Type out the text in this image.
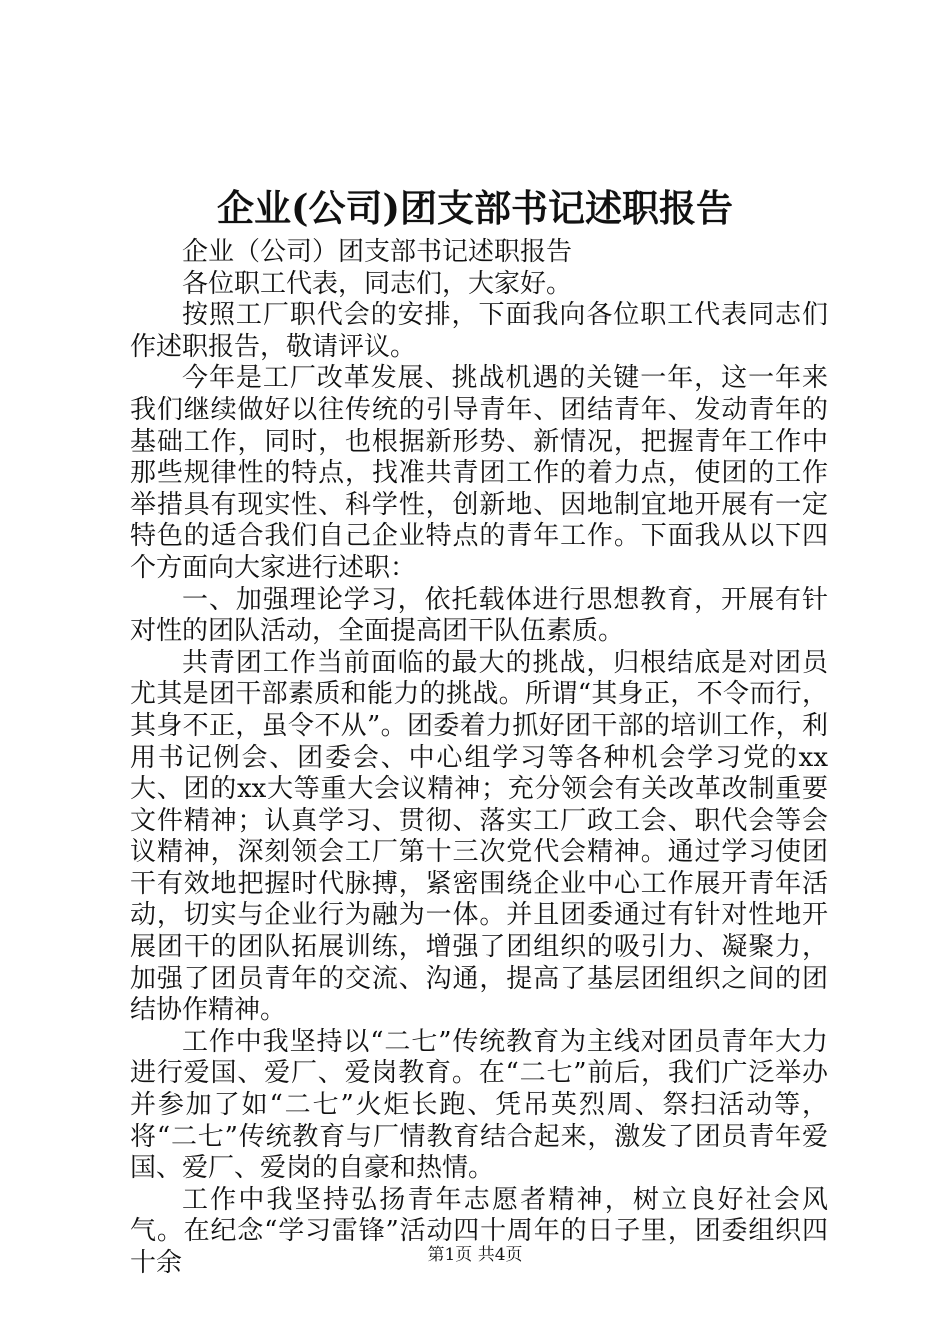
企业(公司)团支部书记述职报告

企业（公司）团支部书记述职报告

各位职工代表，同志们，大家好。

按照工厂职代会的安排，下面我向各位职工代表同志们作述职报告，敬请评议。

今年是工厂改革发展、挑战机遇的关键一年，这一年来我们继续做好以往传统的引导青年、团结青年、发动青年的基础工作，同时，也根据新形势、新情况，把握青年工作中那些规律性的特点，找准共青团工作的着力点，使团的工作举措具有现实性、科学性，创新地、因地制宜地开展有一定特色的适合我们自己企业特点的青年工作。下面我从以下四个方面向大家进行述职：

一、加强理论学习，依托载体进行思想教育，开展有针对性的团队活动，全面提高团干队伍素质。

共青团工作当前面临的最大的挑战，归根结底是对团员尤其是团干部素质和能力的挑战。所谓“其身正，不令而行，其身不正，虽令不从”。团委着力抓好团干部的培训工作，利用书记例会、团委会、中心组学习等各种机会学习党的xx大、团的xx大等重大会议精神；充分领会有关改革改制重要文件精神；认真学习、贯彻、落实工厂政工会、职代会等会议精神，深刻领会工厂第十三次党代会精神。通过学习使团干有效地把握时代脉搏，紧密围绕企业中心工作展开青年活动，切实与企业行为融为一体。并且团委通过有针对性地开展团干的团队拓展训练，增强了团组织的吸引力、凝聚力，加强了团员青年的交流、沟通，提高了基层团组织之间的团结协作精神。

工作中我坚持以“二七”传统教育为主线对团员青年大力进行爱国、爱厂、爱岗教育。在“二七”前后，我们广泛举办并参加了如“二七”火炬长跑、凭吊英烈周、祭扫活动等，将“二七”传统教育与厂情教育结合起来，激发了团员青年爱国、爱厂、爱岗的自豪和热情。

工作中我坚持弘扬青年志愿者精神，树立良好社会风气。在纪念“学习雷锋”活动四十周年的日子里，团委组织四十余	第1页 共4页
